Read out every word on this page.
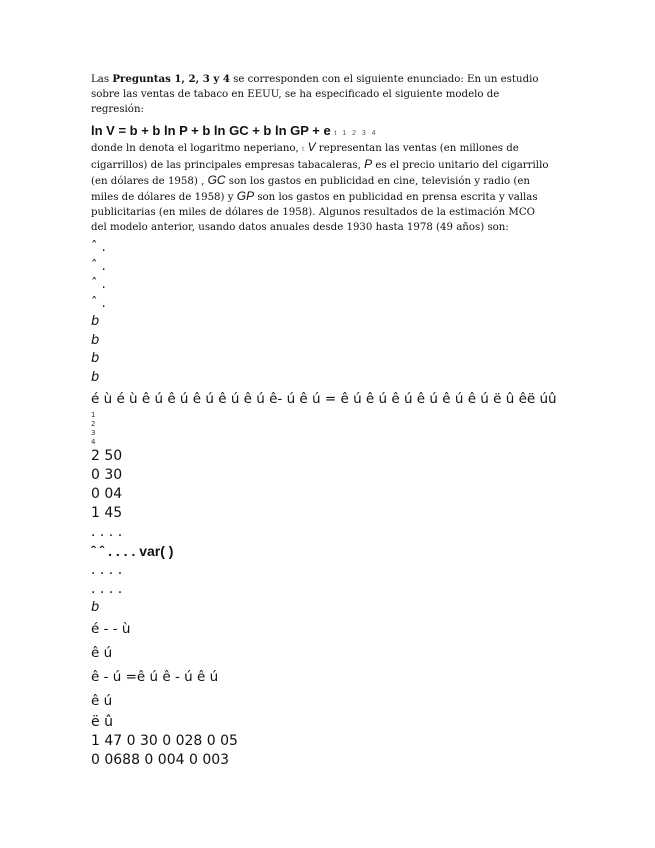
Las Preguntas 1, 2, 3 y 4 se corresponden con el siguiente enunciado: En un estudio sobre las ventas de tabaco en EEUU, se ha especificado el siguiente modelo de regresión:

ln V = b + b ln P + b ln GC + b ln GP + e t 1 2 3 4

donde ln denota el logaritmo neperiano, t V representan las ventas (en millones de cigarrillos) de las principales empresas tabacaleras, P es el precio unitario del cigarrillo (en dólares de 1958) , GC son los gastos en publicidad en cine, televisión y radio (en miles de dólares de 1958) y GP son los gastos en publicidad en prensa escrita y vallas publicitarias (en miles de dólares de 1958). Algunos resultados de la estimación MCO del modelo anterior, usando datos anuales desde 1930 hasta 1978 (49 años) son:

ˆ .
ˆ .
ˆ .
ˆ .
b
b
b
b
é ù é ù ê ú ê ú ê ú ê ú ê ú ê- ú ê ú = ê ú ê ú ê ú ê ú ê ú ê ú ë û êë úû
1
2
3
4
2 50
0 30
0 04
1 45
. . . .
ˆ ˆ . . . . var( )
. . . .
. . . .
b
é - - ù
ê ú
ê - ú =ê ú ê - ú ê ú
ê ú
ë û
1 47 0 30 0 028 0 05
0 0688 0 004 0 003
